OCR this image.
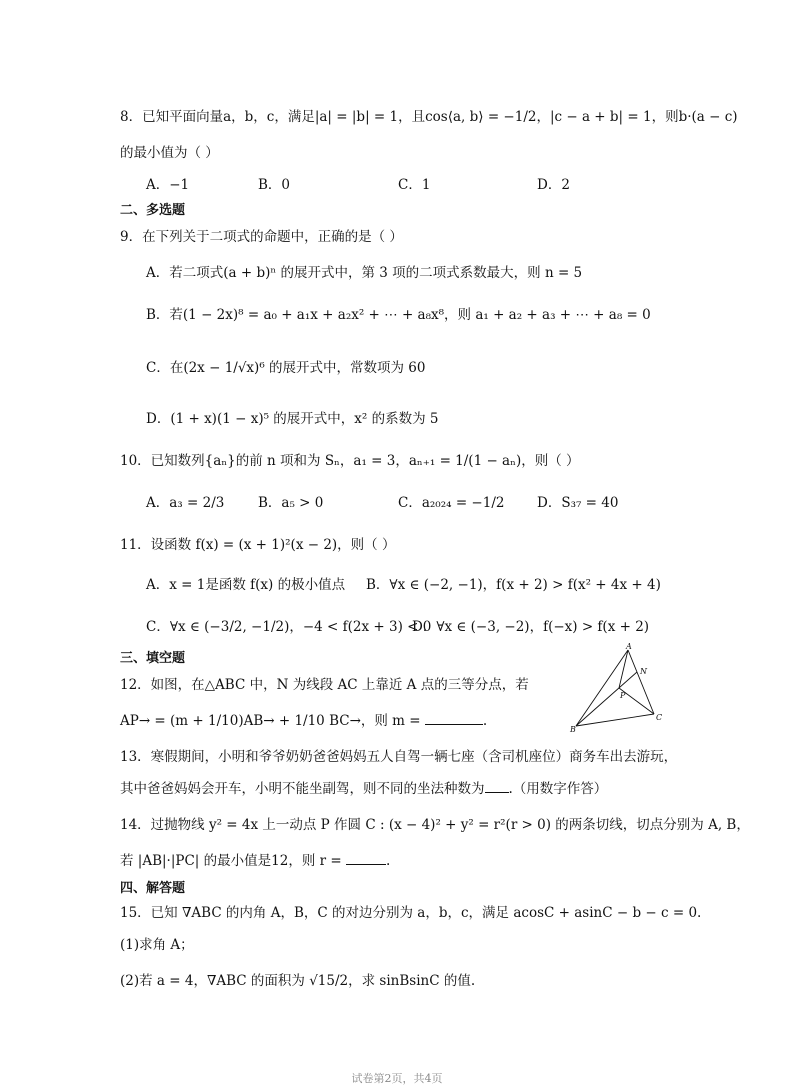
8．已知平面向量a，b，c，满足|a| = |b| = 1，且cos⟨a, b⟩ = −1/2，|c − a + b| = 1，则b·(a − c)
的最小值为（ ）
A．−1	B．0	C．1	D．2
二、多选题
9．在下列关于二项式的命题中，正确的是（ ）
A．若二项式(a + b)ⁿ 的展开式中，第 3 项的二项式系数最大，则 n = 5
B．若(1 − 2x)⁸ = a₀ + a₁x + a₂x² + ⋯ + a₈x⁸，则 a₁ + a₂ + a₃ + ⋯ + a₈ = 0
C．在(2x − 1/√x)⁶ 的展开式中，常数项为 60
D．(1 + x)(1 − x)⁵ 的展开式中，x² 的系数为 5
10．已知数列{aₙ}的前 n 项和为 Sₙ，a₁ = 3，aₙ₊₁ = 1/(1 − aₙ)，则（ ）
A．a₃ = 2/3 B．a₅ > 0	C．a₂₀₂₄ = −1/2 D．S₃₇ = 40
11．设函数 f(x) = (x + 1)²(x − 2)，则（ ）
A．x = 1是函数 f(x) 的极小值点 B．∀x ∈ (−2, −1)，f(x + 2) > f(x² + 4x + 4)
C．∀x ∈ (−3/2, −1/2)，−4 < f(2x + 3) < 0
D．∀x ∈ (−3, −2)，f(−x) > f(x + 2)
三、填空题
12．如图，在△ABC 中，N 为线段 AC 上靠近 A 点的三等分点，若
AP→ = (m + 1/10)AB→ + 1/10 BC→，则 m =	.
A
B
C
N
P
13．寒假期间，小明和爷爷奶奶爸爸妈妈五人自驾一辆七座（含司机座位）商务车出去游玩，
其中爸爸妈妈会开车，小明不能坐副驾，则不同的坐法种数为 .（用数字作答）
14．过抛物线 y² = 4x 上一动点 P 作圆 C : (x − 4)² + y² = r²(r > 0) 的两条切线，切点分别为 A, B，
若 |AB|·|PC| 的最小值是12，则 r =	.
四、解答题
15．已知 ∇ABC 的内角 A，B，C 的对边分别为 a，b，c，满足 acosC + asinC − b − c = 0.
(1)求角 A；
(2)若 a = 4，∇ABC 的面积为 √15/2，求 sinBsinC 的值.
试卷第2页，共4页
